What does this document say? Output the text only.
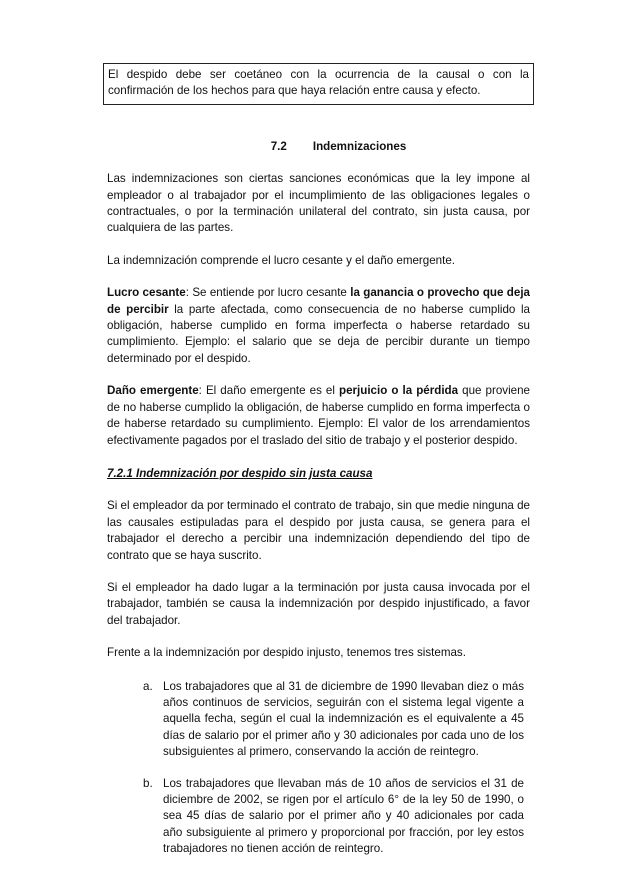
El despido debe ser coetáneo con la ocurrencia de la causal o con la confirmación de los hechos para que haya relación entre causa y efecto.
7.2 Indemnizaciones

Las indemnizaciones son ciertas sanciones económicas que la ley impone al empleador o al trabajador por el incumplimiento de las obligaciones legales o contractuales, o por la terminación unilateral del contrato, sin justa causa, por cualquiera de las partes.

La indemnización comprende el lucro cesante y el daño emergente.

Lucro cesante: Se entiende por lucro cesante la ganancia o provecho que deja de percibir la parte afectada, como consecuencia de no haberse cumplido la obligación, haberse cumplido en forma imperfecta o haberse retardado su cumplimiento. Ejemplo: el salario que se deja de percibir durante un tiempo determinado por el despido.

Daño emergente: El daño emergente es el perjuicio o la pérdida que proviene de no haberse cumplido la obligación, de haberse cumplido en forma imperfecta o de haberse retardado su cumplimiento. Ejemplo: El valor de los arrendamientos efectivamente pagados por el traslado del sitio de trabajo y el posterior despido.

7.2.1 Indemnización por despido sin justa causa

Si el empleador da por terminado el contrato de trabajo, sin que medie ninguna de las causales estipuladas para el despido por justa causa, se genera para el trabajador el derecho a percibir una indemnización dependiendo del tipo de contrato que se haya suscrito.

Si el empleador ha dado lugar a la terminación por justa causa invocada por el trabajador, también se causa la indemnización por despido injustificado, a favor del trabajador.

Frente a la indemnización por despido injusto, tenemos tres sistemas.

a. Los trabajadores que al 31 de diciembre de 1990 llevaban diez o más años continuos de servicios, seguirán con el sistema legal vigente a aquella fecha, según el cual la indemnización es el equivalente a 45 días de salario por el primer año y 30 adicionales por cada uno de los subsiguientes al primero, conservando la acción de reintegro.
b. Los trabajadores que llevaban más de 10 años de servicios el 31 de diciembre de 2002, se rigen por el artículo 6° de la ley 50 de 1990, o sea 45 días de salario por el primer año y 40 adicionales por cada año subsiguiente al primero y proporcional por fracción, por ley estos trabajadores no tienen acción de reintegro.
